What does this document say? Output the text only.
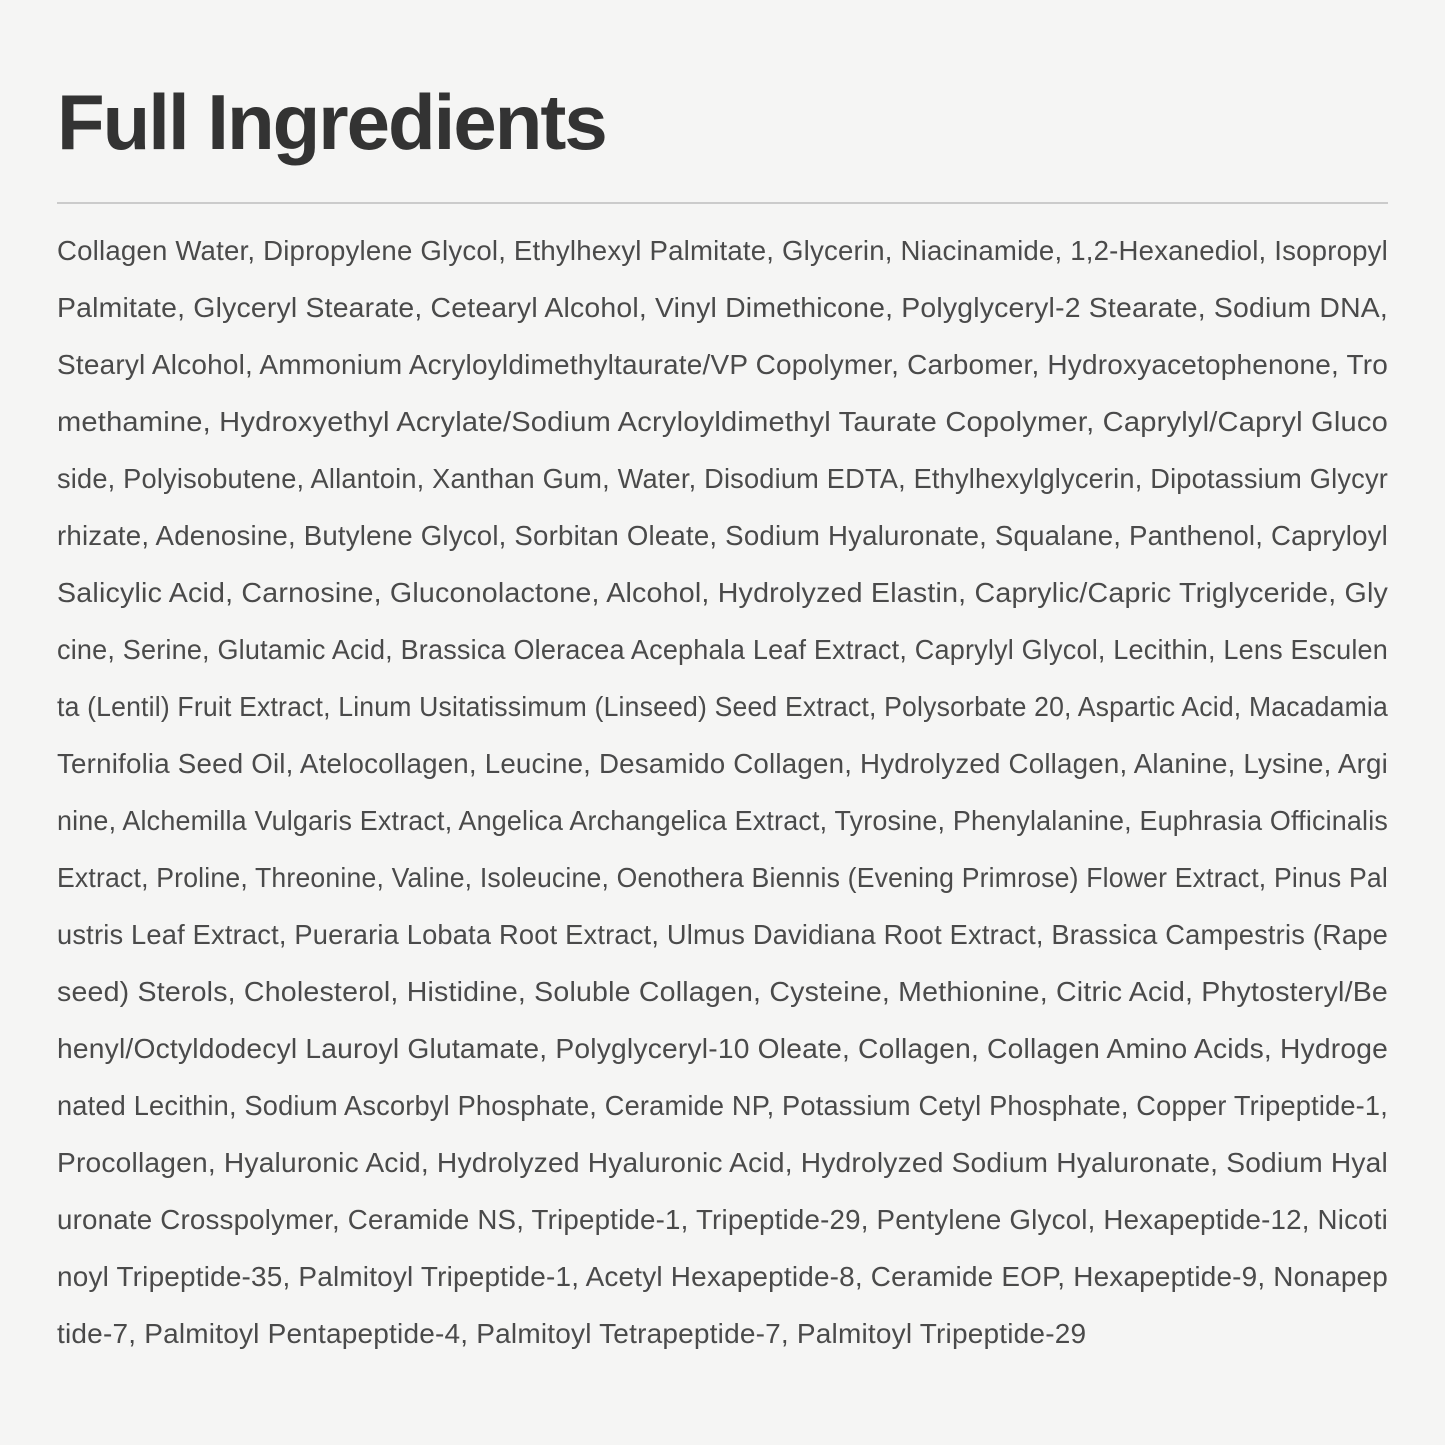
Full Ingredients
Collagen Water, Dipropylene Glycol, Ethylhexyl Palmitate, Glycerin, Niacinamide, 1,2-Hexanediol, Isopropyl
Palmitate, Glyceryl Stearate, Cetearyl Alcohol, Vinyl Dimethicone, Polyglyceryl-2 Stearate, Sodium DNA,
Stearyl Alcohol, Ammonium Acryloyldimethyltaurate/VP Copolymer, Carbomer, Hydroxyacetophenone, Tro
methamine, Hydroxyethyl Acrylate/Sodium Acryloyldimethyl Taurate Copolymer, Caprylyl/Capryl Gluco
side, Polyisobutene, Allantoin, Xanthan Gum, Water, Disodium EDTA, Ethylhexylglycerin, Dipotassium Glycyr
rhizate, Adenosine, Butylene Glycol, Sorbitan Oleate, Sodium Hyaluronate, Squalane, Panthenol, Capryloyl
Salicylic Acid, Carnosine, Gluconolactone, Alcohol, Hydrolyzed Elastin, Caprylic/Capric Triglyceride, Gly
cine, Serine, Glutamic Acid, Brassica Oleracea Acephala Leaf Extract, Caprylyl Glycol, Lecithin, Lens Esculen
ta (Lentil) Fruit Extract, Linum Usitatissimum (Linseed) Seed Extract, Polysorbate 20, Aspartic Acid, Macadamia
Ternifolia Seed Oil, Atelocollagen, Leucine, Desamido Collagen, Hydrolyzed Collagen, Alanine, Lysine, Argi
nine, Alchemilla Vulgaris Extract, Angelica Archangelica Extract, Tyrosine, Phenylalanine, Euphrasia Officinalis
Extract, Proline, Threonine, Valine, Isoleucine, Oenothera Biennis (Evening Primrose) Flower Extract, Pinus Pal
ustris Leaf Extract, Pueraria Lobata Root Extract, Ulmus Davidiana Root Extract, Brassica Campestris (Rape
seed) Sterols, Cholesterol, Histidine, Soluble Collagen, Cysteine, Methionine, Citric Acid, Phytosteryl/Be
henyl/Octyldodecyl Lauroyl Glutamate, Polyglyceryl-10 Oleate, Collagen, Collagen Amino Acids, Hydroge
nated Lecithin, Sodium Ascorbyl Phosphate, Ceramide NP, Potassium Cetyl Phosphate, Copper Tripeptide-1,
Procollagen, Hyaluronic Acid, Hydrolyzed Hyaluronic Acid, Hydrolyzed Sodium Hyaluronate, Sodium Hyal
uronate Crosspolymer, Ceramide NS, Tripeptide-1, Tripeptide-29, Pentylene Glycol, Hexapeptide-12, Nicoti
noyl Tripeptide-35, Palmitoyl Tripeptide-1, Acetyl Hexapeptide-8, Ceramide EOP, Hexapeptide-9, Nonapep
tide-7, Palmitoyl Pentapeptide-4, Palmitoyl Tetrapeptide-7, Palmitoyl Tripeptide-29
